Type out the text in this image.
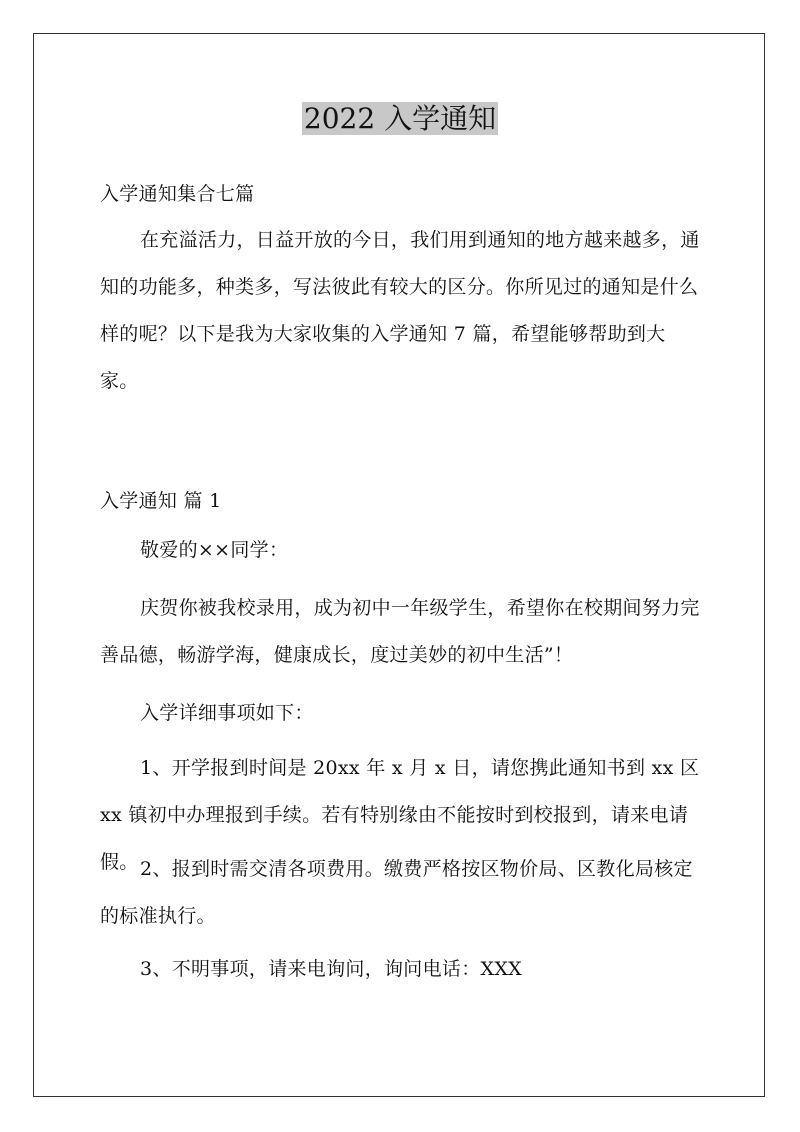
2022 入学通知

入学通知集合七篇

在充溢活力，日益开放的今日，我们用到通知的地方越来越多，通知的功能多，种类多，写法彼此有较大的区分。你所见过的通知是什么样的呢？以下是我为大家收集的入学通知 7 篇，希望能够帮助到大家。

入学通知 篇 1

敬爱的××同学：

庆贺你被我校录用，成为初中一年级学生，希望你在校期间努力完善品德，畅游学海，健康成长，度过美妙的初中生活”！

入学详细事项如下：

1、开学报到时间是 20xx 年 x 月 x 日，请您携此通知书到 xx 区 xx 镇初中办理报到手续。若有特别缘由不能按时到校报到，请来电请假。 2、报到时需交清各项费用。缴费严格按区物价局、区教化局核定的标准执行。

3、不明事项，请来电询问，询问电话：XXX
